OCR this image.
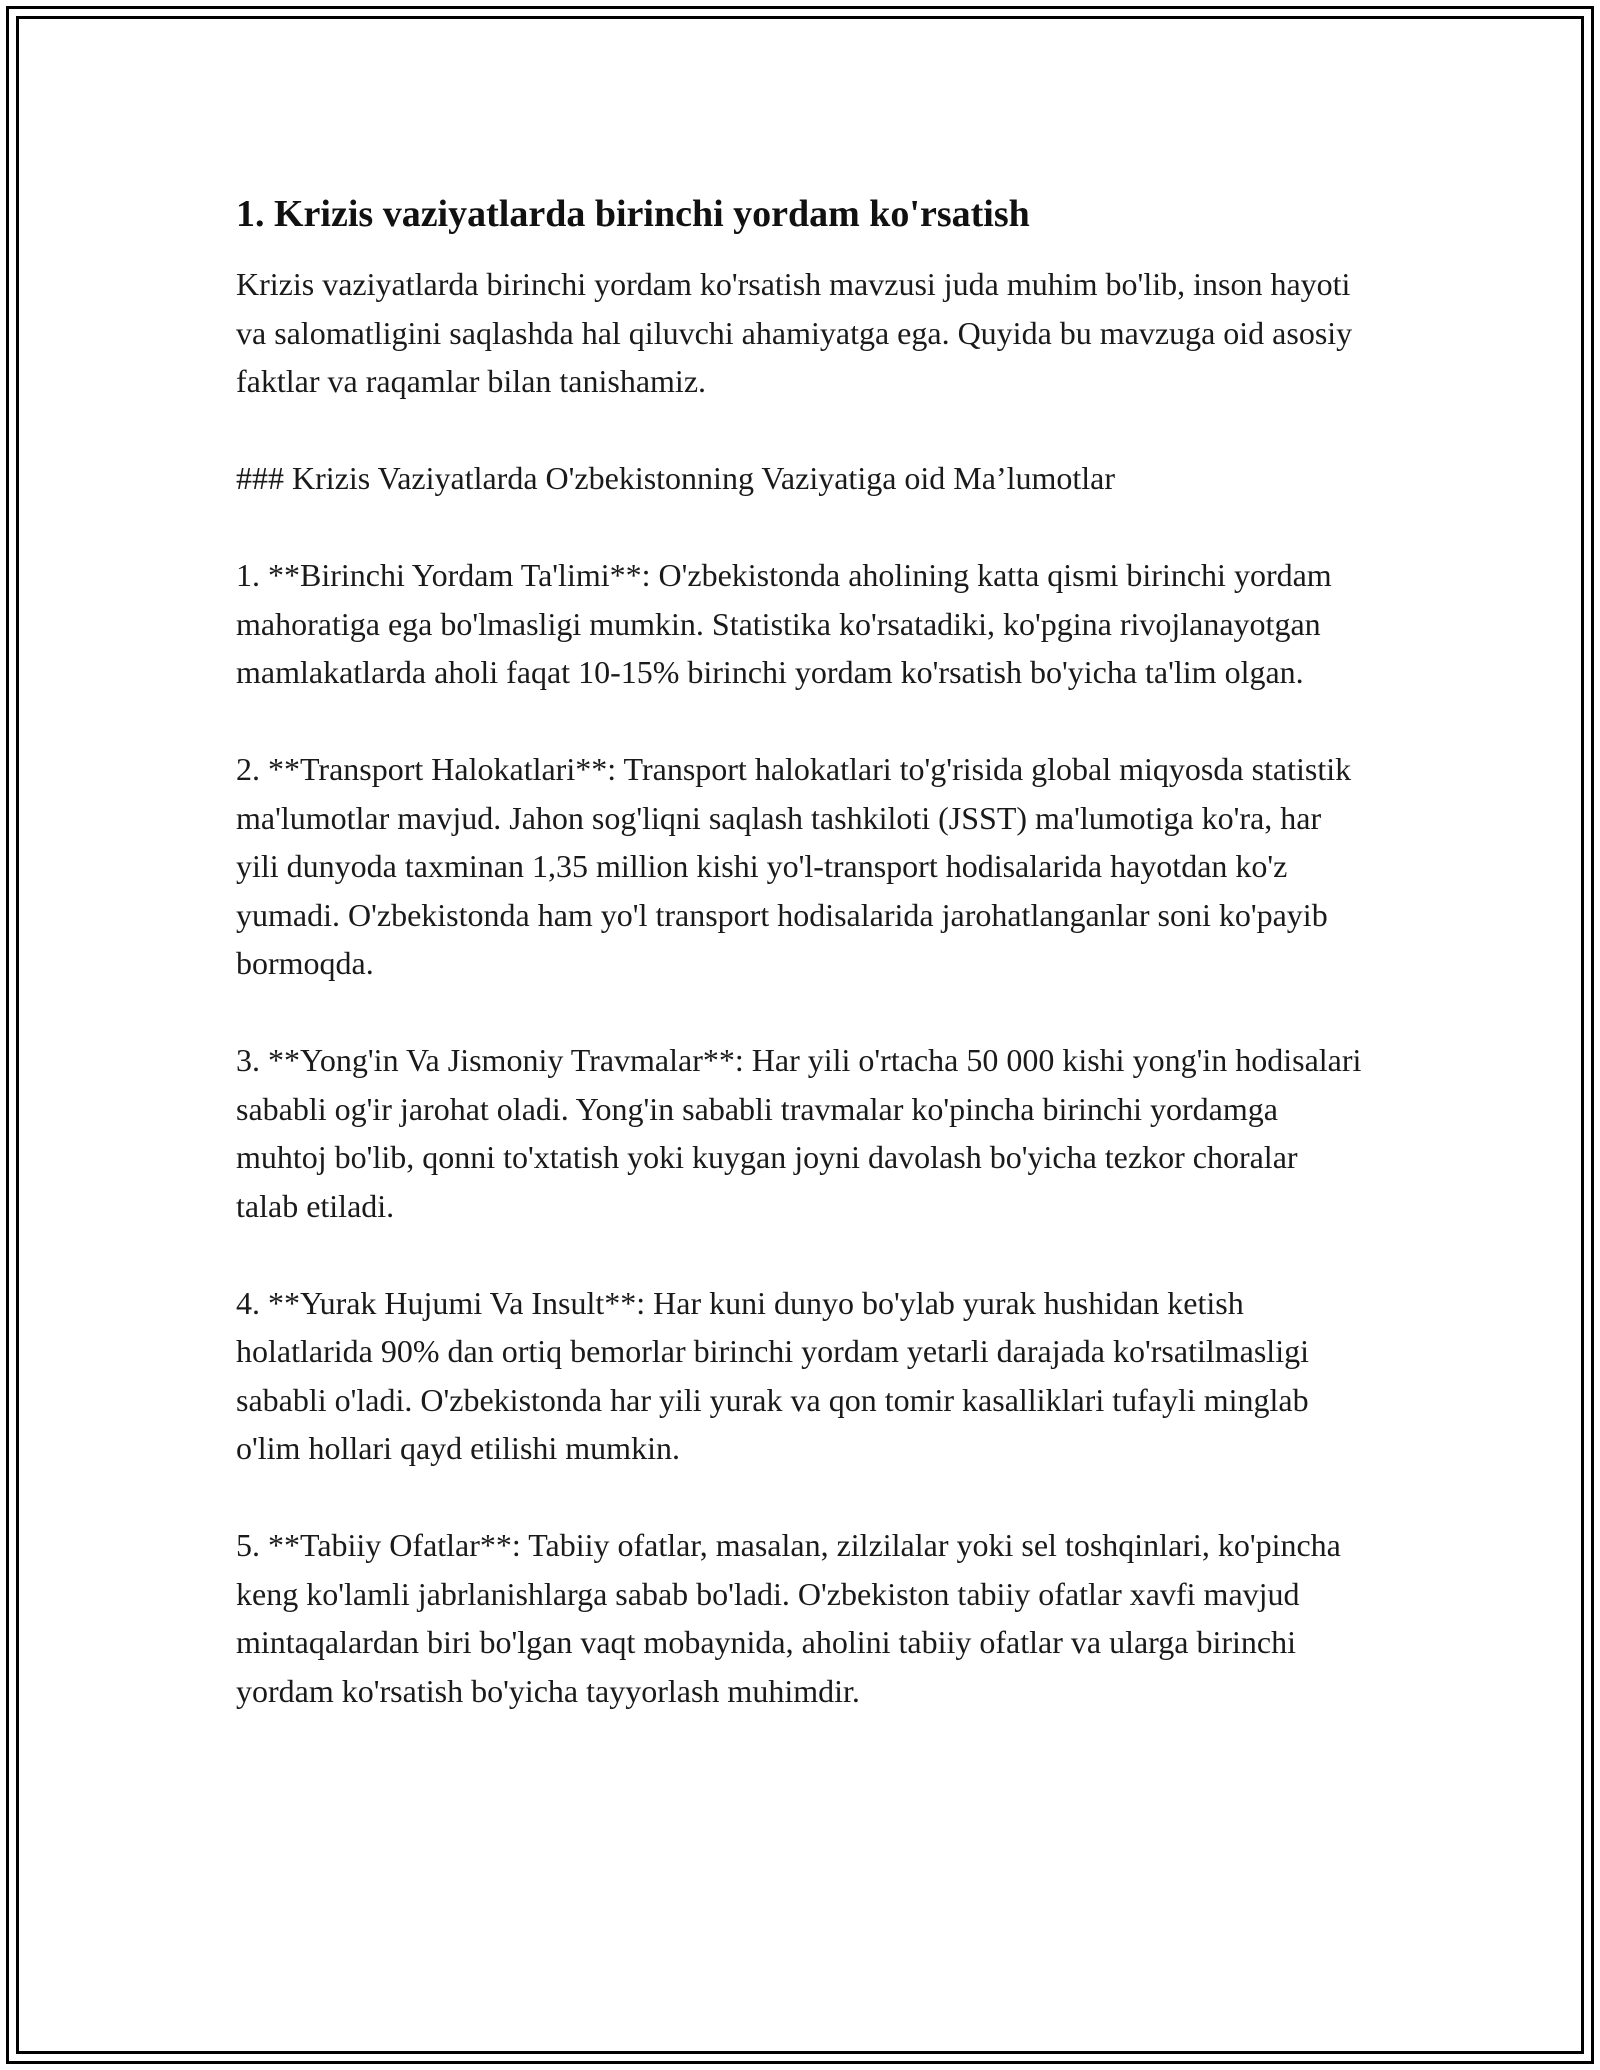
1. Krizis vaziyatlarda birinchi yordam ko'rsatish

Krizis vaziyatlarda birinchi yordam ko'rsatish mavzusi juda muhim bo'lib, inson hayoti va salomatligini saqlashda hal qiluvchi ahamiyatga ega. Quyida bu mavzuga oid asosiy faktlar va raqamlar bilan tanishamiz.

### Krizis Vaziyatlarda O'zbekistonning Vaziyatiga oid Ma’lumotlar

1. **Birinchi Yordam Ta'limi**: O'zbekistonda aholining katta qismi birinchi yordam mahoratiga ega bo'lmasligi mumkin. Statistika ko'rsatadiki, ko'pgina rivojlanayotgan mamlakatlarda aholi faqat 10-15% birinchi yordam ko'rsatish bo'yicha ta'lim olgan.

2. **Transport Halokatlari**: Transport halokatlari to'g'risida global miqyosda statistik ma'lumotlar mavjud. Jahon sog'liqni saqlash tashkiloti (JSST) ma'lumotiga ko'ra, har yili dunyoda taxminan 1,35 million kishi yo'l-transport hodisalarida hayotdan ko'z yumadi. O'zbekistonda ham yo'l transport hodisalarida jarohatlanganlar soni ko'payib bormoqda.

3. **Yong'in Va Jismoniy Travmalar**: Har yili o'rtacha 50 000 kishi yong'in hodisalari sababli og'ir jarohat oladi. Yong'in sababli travmalar ko'pincha birinchi yordamga muhtoj bo'lib, qonni to'xtatish yoki kuygan joyni davolash bo'yicha tezkor choralar talab etiladi.

4. **Yurak Hujumi Va Insult**: Har kuni dunyo bo'ylab yurak hushidan ketish holatlarida 90% dan ortiq bemorlar birinchi yordam yetarli darajada ko'rsatilmasligi sababli o'ladi. O'zbekistonda har yili yurak va qon tomir kasalliklari tufayli minglab o'lim hollari qayd etilishi mumkin.

5. **Tabiiy Ofatlar**: Tabiiy ofatlar, masalan, zilzilalar yoki sel toshqinlari, ko'pincha keng ko'lamli jabrlanishlarga sabab bo'ladi. O'zbekiston tabiiy ofatlar xavfi mavjud mintaqalardan biri bo'lgan vaqt mobaynida, aholini tabiiy ofatlar va ularga birinchi yordam ko'rsatish bo'yicha tayyorlash muhimdir.
